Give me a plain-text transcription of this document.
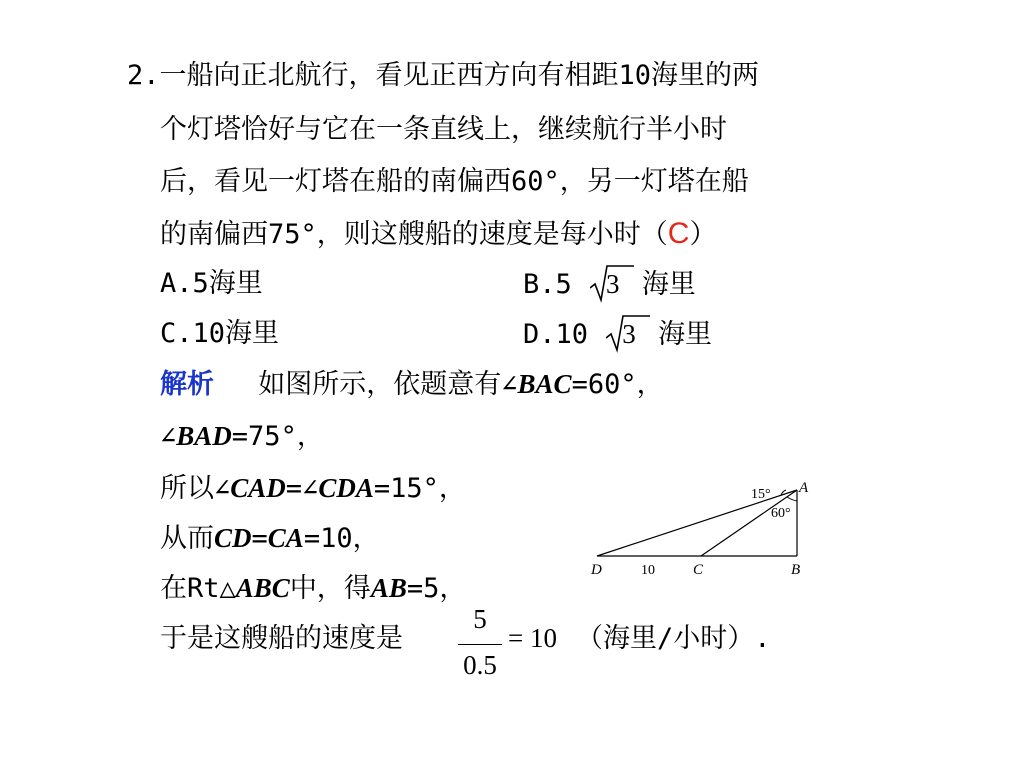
2.一船向正北航行，看见正西方向有相距10海里的两
个灯塔恰好与它在一条直线上，继续航行半小时
后，看见一灯塔在船的南偏西60°，另一灯塔在船
的南偏西75°，则这艘船的速度是每小时（C）
A.5海里	B.5 3 海里
C.10海里	D.10 3 海里
解析 如图所示，依题意有∠BAC=60°，
∠BAD=75°，
所以∠CAD=∠CDA=15°，
从而CD=CA=10，
在Rt△ABC中，得AB=5，
于是这艘船的速度是
5
0.5
= 10 （海里/小时）.
A
B
C
D	10
15°
60°
